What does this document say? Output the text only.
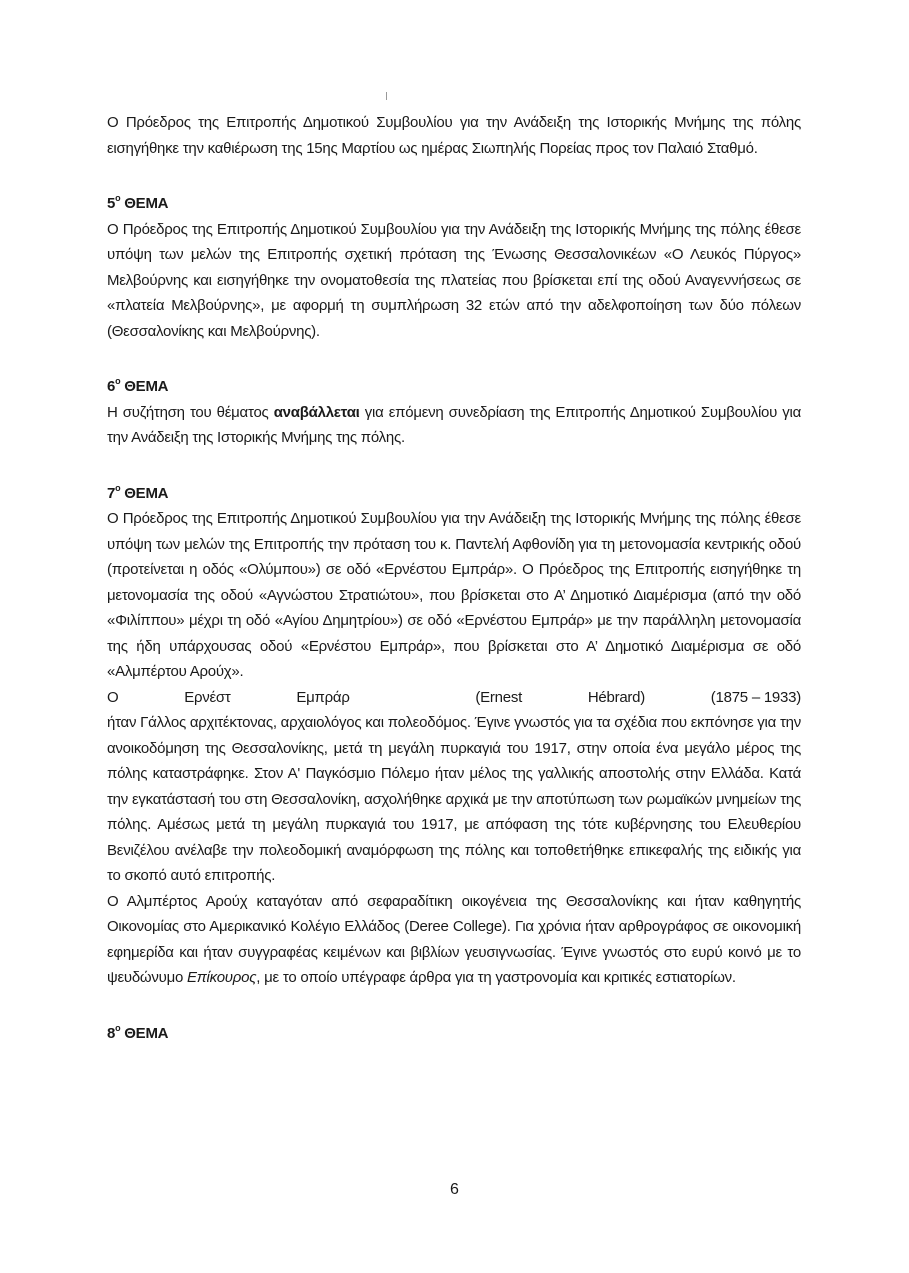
Ο Πρόεδρος της Επιτροπής Δημοτικού Συμβουλίου για την Ανάδειξη της Ιστορικής Μνήμης της πόλης εισηγήθηκε την καθιέρωση της 15ης Μαρτίου ως ημέρας Σιωπηλής Πορείας προς τον Παλαιό Σταθμό.

$5^o$ ΘΕΜΑ

Ο Πρόεδρος της Επιτροπής Δημοτικού Συμβουλίου για την Ανάδειξη της Ιστορικής Μνήμης της πόλης έθεσε υπόψη των μελών της Επιτροπής σχετική πρόταση της Ένωσης Θεσσαλονικέων «Ο Λευκός Πύργος» Μελβούρνης και εισηγήθηκε την ονοματοθεσία της πλατείας που βρίσκεται επί της οδού Αναγεννήσεως σε «πλατεία Μελβούρνης», με αφορμή τη συμπλήρωση 32 ετών από την αδελφοποίηση των δύο πόλεων (Θεσσαλονίκης και Μελβούρνης).

$6^o$ ΘΕΜΑ

Η συζήτηση του θέματος αναβάλλεται για επόμενη συνεδρίαση της Επιτροπής Δημοτικού Συμβουλίου για την Ανάδειξη της Ιστορικής Μνήμης της πόλης.

$7^o$ ΘΕΜΑ

Ο Πρόεδρος της Επιτροπής Δημοτικού Συμβουλίου για την Ανάδειξη της Ιστορικής Μνήμης της πόλης έθεσε υπόψη των μελών της Επιτροπής την πρόταση του κ. Παντελή Αφθονίδη για τη μετονομασία κεντρικής οδού (προτείνεται η οδός «Ολύμπου») σε οδό «Ερνέστου Εμπράρ». Ο Πρόεδρος της Επιτροπής εισηγήθηκε τη μετονομασία της οδού «Αγνώστου Στρατιώτου», που βρίσκεται στο Α’ Δημοτικό Διαμέρισμα (από την οδό «Φιλίππου» μέχρι τη οδό «Αγίου Δημητρίου») σε οδό «Ερνέστου Εμπράρ» με την παράλληλη μετονομασία της ήδη υπάρχουσας οδού «Ερνέστου Εμπράρ», που βρίσκεται στο Α’ Δημοτικό Διαμέρισμα σε οδό «Αλμπέρτου Αρούχ».

Ο	Ερνέστ	Εμπράρ	(Ernest	Hébrard)	(1875 – 1933)

ήταν Γάλλος αρχιτέκτονας, αρχαιολόγος και πολεοδόμος. Έγινε γνωστός για τα σχέδια που εκπόνησε για την ανοικοδόμηση της Θεσσαλονίκης, μετά τη μεγάλη πυρκαγιά του 1917, στην οποία ένα μεγάλο μέρος της πόλης καταστράφηκε. Στον Α' Παγκόσμιο Πόλεμο ήταν μέλος της γαλλικής αποστολής στην Ελλάδα. Κατά την εγκατάστασή του στη Θεσσαλονίκη, ασχολήθηκε αρχικά με την αποτύπωση των ρωμαϊκών μνημείων της πόλης. Αμέσως μετά τη μεγάλη πυρκαγιά του 1917, με απόφαση της τότε κυβέρνησης του Ελευθερίου Βενιζέλου ανέλαβε την πολεοδομική αναμόρφωση της πόλης και τοποθετήθηκε επικεφαλής της ειδικής για το σκοπό αυτό επιτροπής.

Ο Αλμπέρτος Αρούχ καταγόταν από σεφαραδίτικη οικογένεια της Θεσσαλονίκης και ήταν καθηγητής Οικονομίας στο Αμερικανικό Κολέγιο Ελλάδος (Deree College). Για χρόνια ήταν αρθρογράφος σε οικονομική εφημερίδα και ήταν συγγραφέας κειμένων και βιβλίων γευσιγνωσίας. Έγινε γνωστός στο ευρύ κοινό με το ψευδώνυμο Επίκουρος, με το οποίο υπέγραφε άρθρα για τη γαστρονομία και κριτικές εστιατορίων.

$8^o$ ΘΕΜΑ
6
